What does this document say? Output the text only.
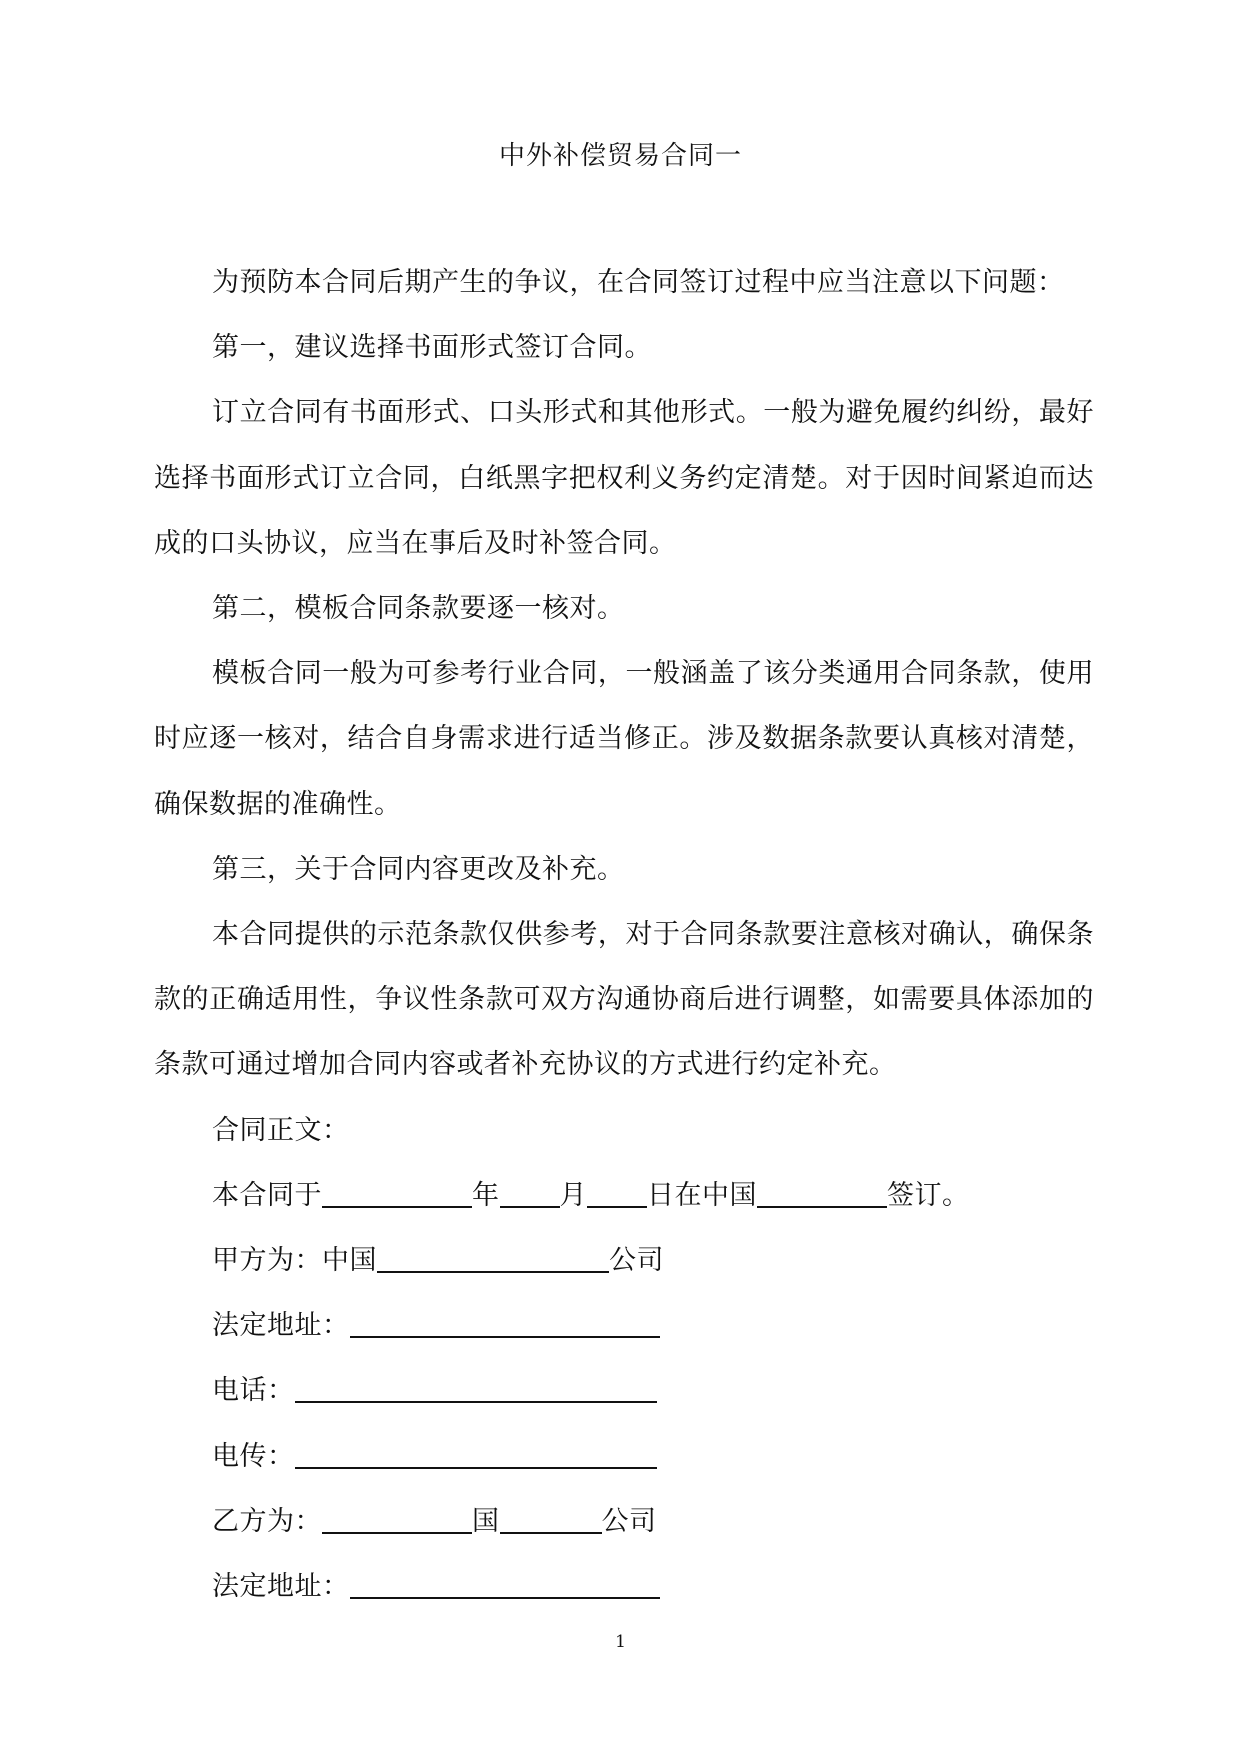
中外补偿贸易合同一

为预防本合同后期产生的争议，在合同签订过程中应当注意以下问题：

第一，建议选择书面形式签订合同。

订立合同有书面形式、口头形式和其他形式。一般为避免履约纠纷，最好选择书面形式订立合同，白纸黑字把权利义务约定清楚。对于因时间紧迫而达成的口头协议，应当在事后及时补签合同。

第二，模板合同条款要逐一核对。

模板合同一般为可参考行业合同，一般涵盖了该分类通用合同条款，使用时应逐一核对，结合自身需求进行适当修正。涉及数据条款要认真核对清楚，确保数据的准确性。

第三，关于合同内容更改及补充。

本合同提供的示范条款仅供参考，对于合同条款要注意核对确认，确保条款的正确适用性，争议性条款可双方沟通协商后进行调整，如需要具体添加的条款可通过增加合同内容或者补充协议的方式进行约定补充。

合同正文：

本合同于	年 月 日在中国	签订。

甲方为：中国	公司

法定地址：

电话：

电传：

乙方为：	国	公司

法定地址：

1
